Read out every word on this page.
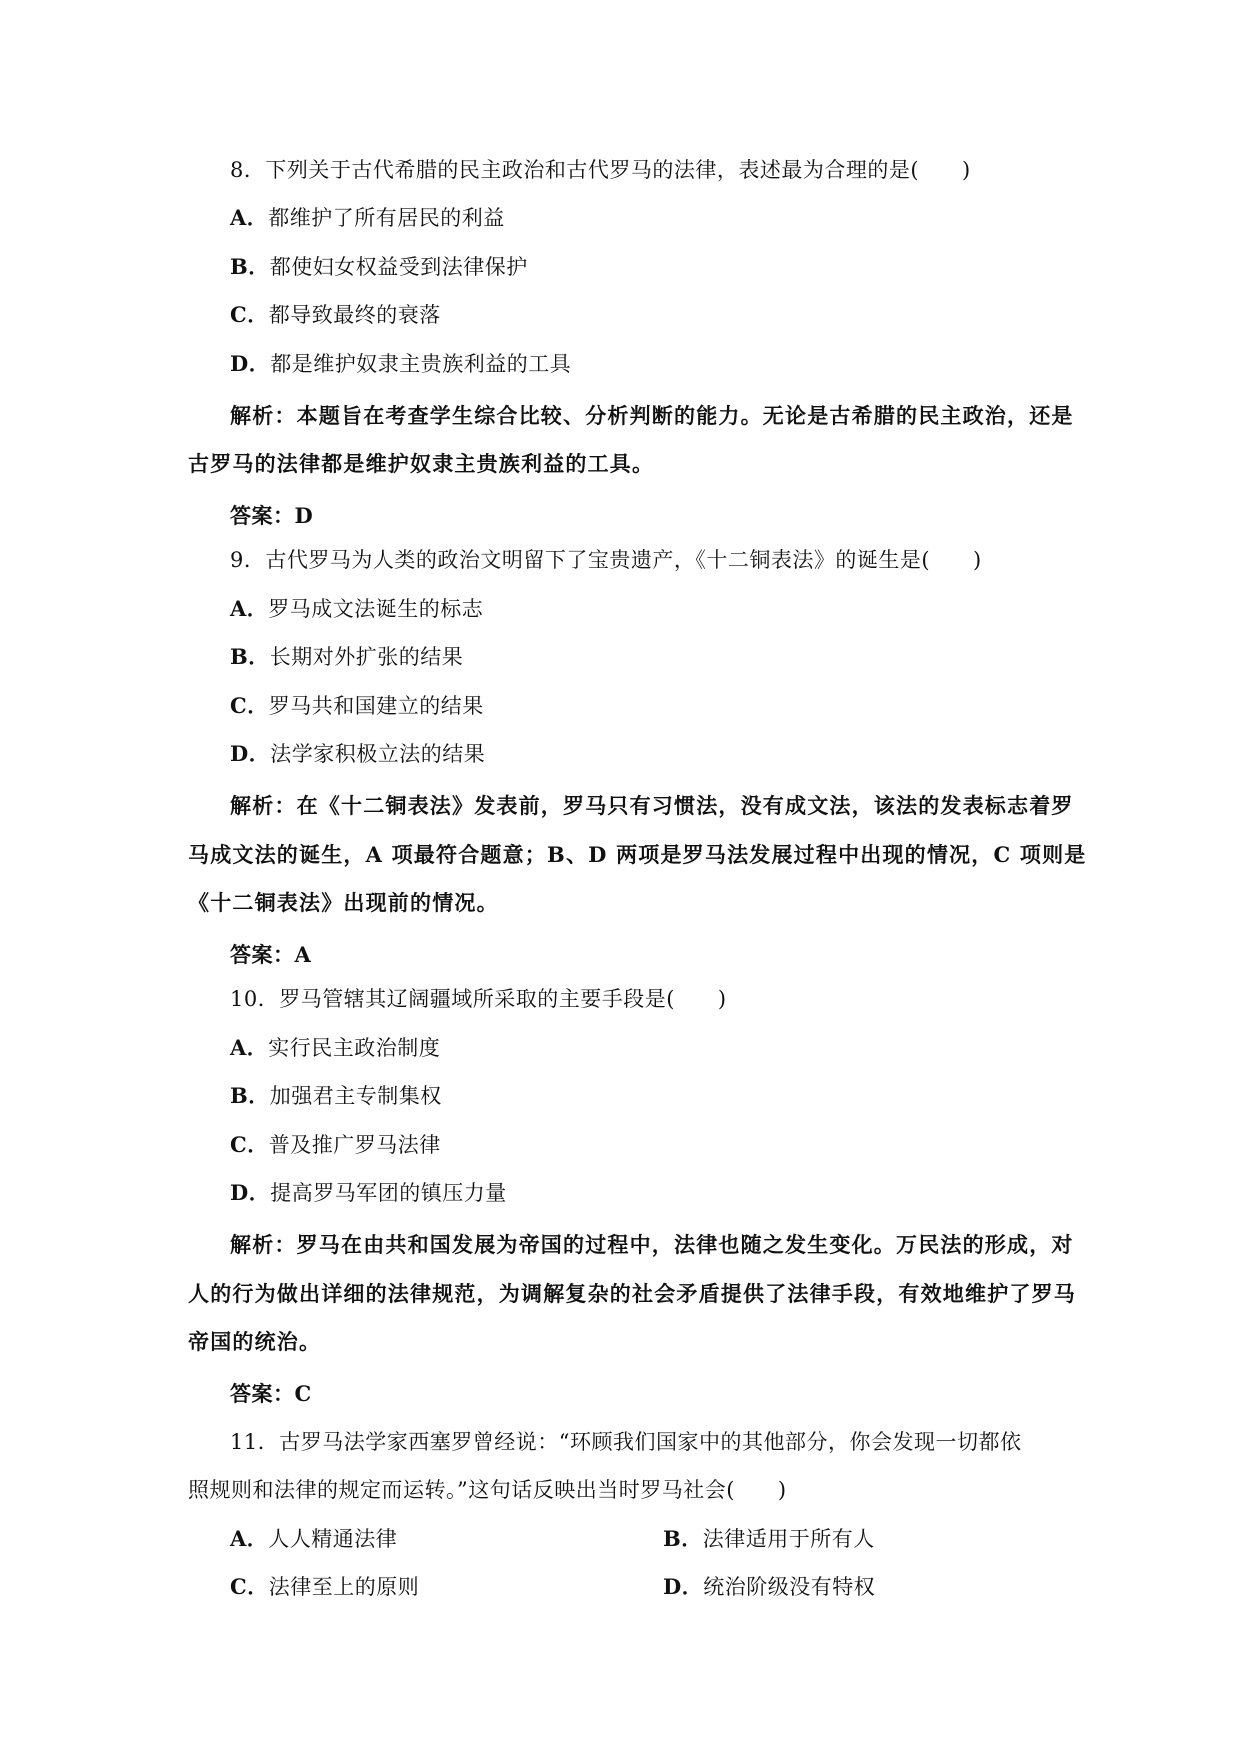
8．下列关于古代希腊的民主政治和古代罗马的法律，表述最为合理的是(　　)
A．都维护了所有居民的利益
B．都使妇女权益受到法律保护
C．都导致最终的衰落
D．都是维护奴隶主贵族利益的工具
解析：本题旨在考查学生综合比较、分析判断的能力。无论是古希腊的民主政治，还是
古罗马的法律都是维护奴隶主贵族利益的工具。
答案：D
9．古代罗马为人类的政治文明留下了宝贵遗产，《十二铜表法》的诞生是(　　)
A．罗马成文法诞生的标志
B．长期对外扩张的结果
C．罗马共和国建立的结果
D．法学家积极立法的结果
解析：在《十二铜表法》发表前，罗马只有习惯法，没有成文法，该法的发表标志着罗
马成文法的诞生，A 项最符合题意；B、D 两项是罗马法发展过程中出现的情况，C 项则是
《十二铜表法》出现前的情况。
答案：A
10．罗马管辖其辽阔疆域所采取的主要手段是(　　)
A．实行民主政治制度
B．加强君主专制集权
C．普及推广罗马法律
D．提高罗马军团的镇压力量
解析：罗马在由共和国发展为帝国的过程中，法律也随之发生变化。万民法的形成，对
人的行为做出详细的法律规范，为调解复杂的社会矛盾提供了法律手段，有效地维护了罗马
帝国的统治。
答案：C
11．古罗马法学家西塞罗曾经说：“环顾我们国家中的其他部分，你会发现一切都依
照规则和法律的规定而运转。”这句话反映出当时罗马社会(　　)
A．人人精通法律	B．法律适用于所有人
C．法律至上的原则	D．统治阶级没有特权
